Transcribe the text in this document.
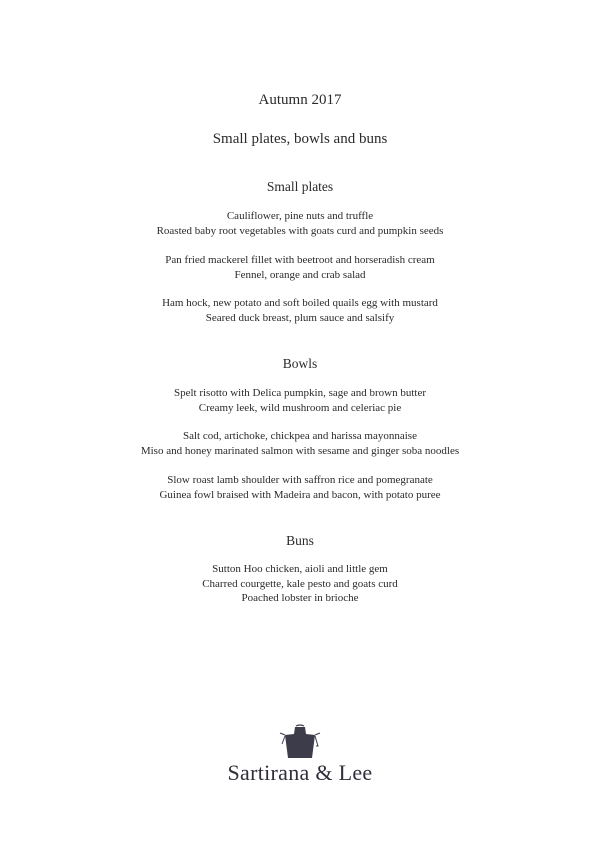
Autumn 2017
Small plates, bowls and buns
Small plates
Cauliflower, pine nuts and truffle
Roasted baby root vegetables with goats curd and pumpkin seeds
Pan fried mackerel fillet with beetroot and horseradish cream
Fennel, orange and crab salad
Ham hock, new potato and soft boiled quails egg with mustard
Seared duck breast, plum sauce and salsify
Bowls
Spelt risotto with Delica pumpkin, sage and brown butter
Creamy leek, wild mushroom and celeriac pie
Salt cod, artichoke, chickpea and harissa mayonnaise
Miso and honey marinated salmon with sesame and ginger soba noodles
Slow roast lamb shoulder with saffron rice and pomegranate
Guinea fowl braised with Madeira and bacon, with potato puree
Buns
Sutton Hoo chicken, aioli and little gem
Charred courgette, kale pesto and goats curd
Poached lobster in brioche
Sartirana & Lee
